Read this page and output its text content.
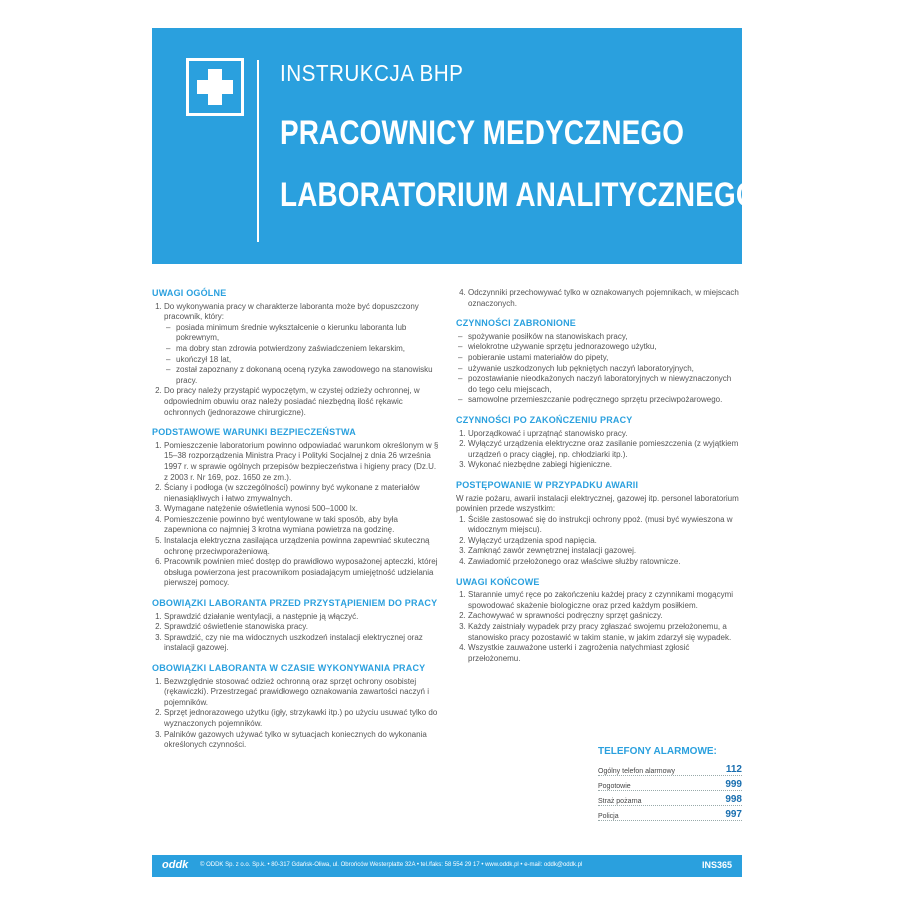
INSTRUKCJA BHP
PRACOWNICY MEDYCZNEGO
LABORATORIUM ANALITYCZNEGO
UWAGI OGÓLNE
1. Do wykonywania pracy w charakterze laboranta może być dopuszczony pracownik, który:
– posiada minimum średnie wykształcenie o kierunku laboranta lub pokrewnym,
– ma dobry stan zdrowia potwierdzony zaświadczeniem lekarskim,
– ukończył 18 lat,
– został zapoznany z dokonaną oceną ryzyka zawodowego na stanowisku pracy.
2. Do pracy należy przystąpić wypoczętym, w czystej odzieży ochronnej, w odpowiednim obuwiu oraz należy posiadać niezbędną ilość rękawic ochronnych (jednorazowe chirurgiczne).
PODSTAWOWE WARUNKI BEZPIECZEŃSTWA
1. Pomieszczenie laboratorium powinno odpowiadać warunkom określonym w § 15–38 rozporządzenia Ministra Pracy i Polityki Socjalnej z dnia 26 września 1997 r. w sprawie ogólnych przepisów bezpieczeństwa i higieny pracy (Dz.U. z 2003 r. Nr 169, poz. 1650 ze zm.).
2. Ściany i podłoga (w szczególności) powinny być wykonane z materiałów nienasiąkliwych i łatwo zmywalnych.
3. Wymagane natężenie oświetlenia wynosi 500–1000 lx.
4. Pomieszczenie powinno być wentylowane w taki sposób, aby była zapewniona co najmniej 3 krotna wymiana powietrza na godzinę.
5. Instalacja elektryczna zasilająca urządzenia powinna zapewniać skuteczną ochronę przeciwporażeniową.
6. Pracownik powinien mieć dostęp do prawidłowo wyposażonej apteczki, której obsługa powierzona jest pracownikom posiadającym umiejętność udzielania pierwszej pomocy.
OBOWIĄZKI LABORANTA PRZED PRZYSTĄPIENIEM DO PRACY
1. Sprawdzić działanie wentylacji, a następnie ją włączyć.
2. Sprawdzić oświetlenie stanowiska pracy.
3. Sprawdzić, czy nie ma widocznych uszkodzeń instalacji elektrycznej oraz instalacji gazowej.
OBOWIĄZKI LABORANTA W CZASIE WYKONYWANIA PRACY
1. Bezwzględnie stosować odzież ochronną oraz sprzęt ochrony osobistej (rękawiczki). Przestrzegać prawidłowego oznakowania zawartości naczyń i pojemników.
2. Sprzęt jednorazowego użytku (igły, strzykawki itp.) po użyciu usuwać tylko do wyznaczonych pojemników.
3. Palników gazowych używać tylko w sytuacjach koniecznych do wykonania określonych czynności.
4. Odczynniki przechowywać tylko w oznakowanych pojemnikach, w miejscach oznaczonych.
CZYNNOŚCI ZABRONIONE
– spożywanie posiłków na stanowiskach pracy,
– wielokrotne używanie sprzętu jednorazowego użytku,
– pobieranie ustami materiałów do pipety,
– używanie uszkodzonych lub pękniętych naczyń laboratoryjnych,
– pozostawianie nieodkażonych naczyń laboratoryjnych w niewyznaczonych do tego celu miejscach,
– samowolne przemieszczanie podręcznego sprzętu przeciwpożarowego.
CZYNNOŚCI PO ZAKOŃCZENIU PRACY
1. Uporządkować i uprzątnąć stanowisko pracy.
2. Wyłączyć urządzenia elektryczne oraz zasilanie pomieszczenia (z wyjątkiem urządzeń o pracy ciągłej, np. chłodziarki itp.).
3. Wykonać niezbędne zabiegi higieniczne.
POSTĘPOWANIE W PRZYPADKU AWARII

W razie pożaru, awarii instalacji elektrycznej, gazowej itp. personel laboratorium powinien przede wszystkim:

1. Ściśle zastosować się do instrukcji ochrony ppoż. (musi być wywieszona w widocznym miejscu).
2. Wyłączyć urządzenia spod napięcia.
3. Zamknąć zawór zewnętrznej instalacji gazowej.
4. Zawiadomić przełożonego oraz właściwe służby ratownicze.
UWAGI KOŃCOWE
1. Starannie umyć ręce po zakończeniu każdej pracy z czynnikami mogącymi spowodować skażenie biologiczne oraz przed każdym posiłkiem.
2. Zachowywać w sprawności podręczny sprzęt gaśniczy.
3. Każdy zaistniały wypadek przy pracy zgłaszać swojemu przełożonemu, a stanowisko pracy pozostawić w takim stanie, w jakim zdarzył się wypadek.
4. Wszystkie zauważone usterki i zagrożenia natychmiast zgłosić przełożonemu.
TELEFONY ALARMOWE:
Ogólny telefon alarmowy	112
Pogotowie	999
Straż pożarna	998
Policja	997
oddk © ODDK Sp. z o.o. Sp.k. • 80-317 Gdańsk-Oliwa, ul. Obrońców Westerplatte 32A • tel./faks: 58 554 29 17 • www.oddk.pl • e-mail: oddk@oddk.pl	INS365
